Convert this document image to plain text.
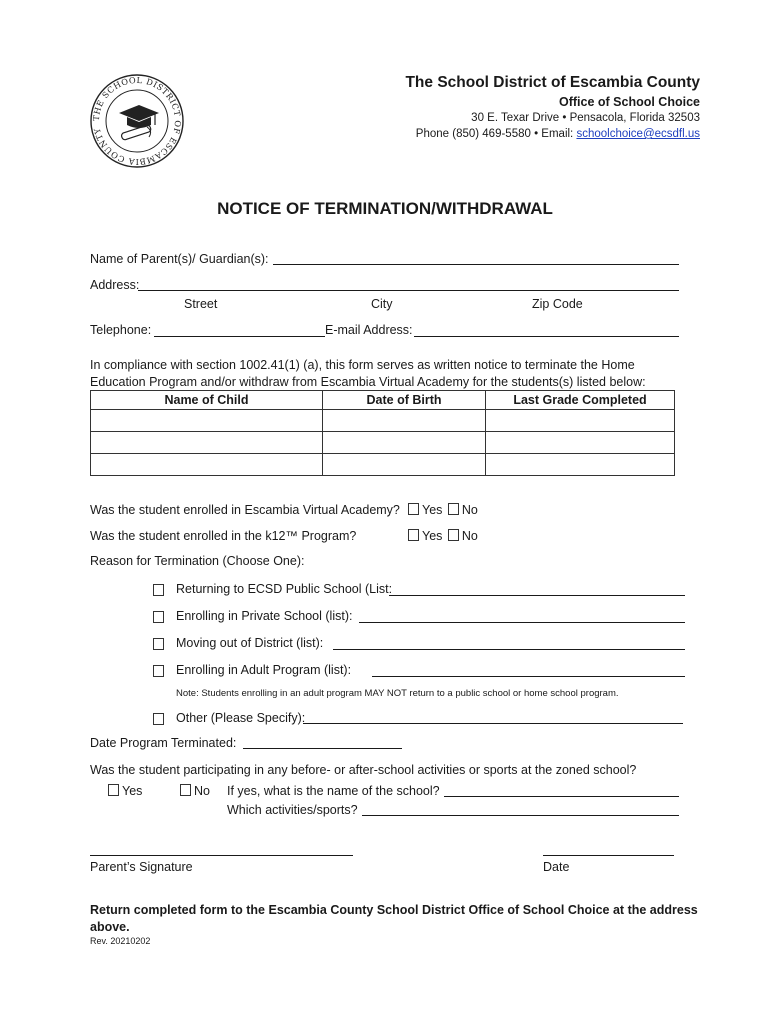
THE SCHOOL DISTRICT OF ESCAMBIA COUNTY
The School District of Escambia County
Office of School Choice
30 E. Texar Drive • Pensacola, Florida 32503
Phone (850) 469-5580 • Email: schoolchoice@ecsdfl.us
NOTICE OF TERMINATION/WITHDRAWAL
Name of Parent(s)/ Guardian(s):
Address:
Street	City	Zip Code
Telephone:	E-mail Address:
In compliance with section 1002.41(1) (a), this form serves as written notice to terminate the Home
Education Program and/or withdraw from Escambia Virtual Academy for the students(s) listed below:
Name of Child	Date of Birth	Last Grade Completed

Was the student enrolled in Escambia Virtual Academy?	Yes No
Was the student enrolled in the k12™ Program?	Yes No
Reason for Termination (Choose One):
Returning to ECSD Public School (List:
Enrolling in Private School (list):
Moving out of District (list):
Enrolling in Adult Program (list):
Note: Students enrolling in an adult program MAY NOT return to a public school or home school program.
Other (Please Specify):
Date Program Terminated:
Was the student participating in any before- or after-school activities or sports at the zoned school?
Yes	No If yes, what is the name of the school?
Which activities/sports?
Parent’s Signature	Date
Return completed form to the Escambia County School District Office of School Choice at the address
above.
Rev. 20210202
